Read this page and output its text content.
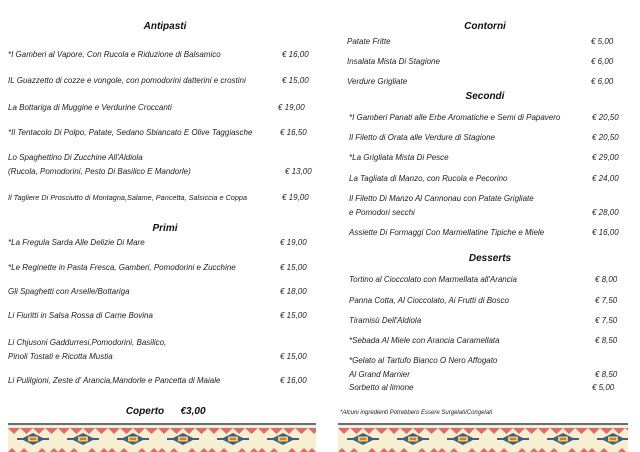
Antipasti
*I Gamberi al Vapore, Con Rucola e Riduzione di Balsamico	€ 16,00
IL Guazzetto di cozze e vongole, con pomodorini datterini e crostini	€ 15,00
La Bottariga di Muggine e Verdurine Croccanti	€ 19,00
*Il Tentacolo Di Polpo, Patate, Sedano Sbiancato E Olive Taggiasche	€ 16,50
Lo Spaghettino Di Zucchine All'Aldiola
(Rucola, Pomodorini, Pesto Di Basilico E Mandorle)	€ 13,00
Il Tagliere Di Prosciutto di Montagna,Salame, Pancetta, Salsiccia e Coppa	€ 19,00
Primi
*La Fregula Sarda Alle Delizie Di Mare	€ 19,00
*Le Reginette in Pasta Fresca, Gamberi, Pomodorini e Zucchine	€ 15,00
Gli Spaghetti con Arselle/Bottariga	€ 18,00
Li Fiuritti in Salsa Rossa di Carne Bovina	€ 15,00
Li Chjusoni Gaddurresi,Pomodorini, Basilico,
Pinoli Tostati e Ricotta Mustia	€ 15,00
Li Pulilgioni, Zeste d' Arancia,Mandorle e Pancetta di Maiale	€ 16,00
Coperto €3,00
Contorni
Patate Fritte	€ 5,00
Insalata Mista Di Stagione	€ 6,00
Verdure Grigliate	€ 6,00
Secondi
*I Gamberi Panati alle Erbe Aromatiche e Semi di Papavero	€ 20,50
Il Filetto di Orata alle Verdure di Stagione	€ 20,50
*La Grigliata Mista Di Pesce	€ 29,00
La Tagliata di Manzo, con Rucola e Pecorino	€ 24,00
Il Filetto Di Manzo Al Cannonau con Patate Grigliate
e Pomodori secchi	€ 28,00
Assiette Di Formaggi Con Marmellatine Tipiche e Miele	€ 16,00
Desserts
Tortino al Cioccolato con Marmellata all'Arancia	€ 8,00
Panna Cotta, Al Cioccolato, Ai Frutti di Bosco	€ 7,50
Tiramisù Dell'Aldiola	€ 7,50
*Sebada Al Miele con Arancia Caramellata	€ 8,50
*Gelato al Tartufo Bianco O Nero Affogato
Al Grand Marnier	€ 8,50
Sorbetto al limone	€ 5,00
*Alcuni ingredienti Potrebbero Essere Surgelati/Congelati
